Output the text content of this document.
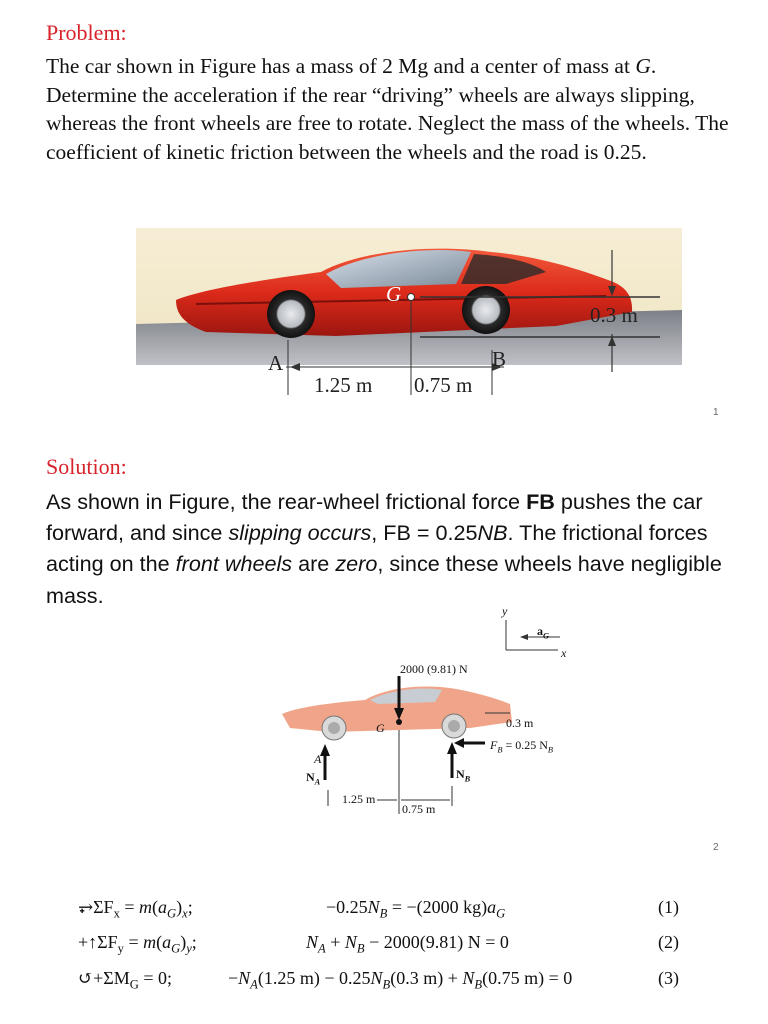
Problem:
The car shown in Figure has a mass of 2 Mg and a center of mass at G. Determine the acceleration if the rear “driving” wheels are always slipping, whereas the front wheels are free to rotate. Neglect the mass of the wheels. The coefficient of kinetic friction between the wheels and the road is 0.25.
G
A	B
0.3 m
1.25 m 0.75 m
1
Solution:
As shown in Figure, the rear-wheel frictional force FB pushes the car forward, and since slipping occurs, FB = 0.25NB. The frictional forces acting on the front wheels are zero, since these wheels have negligible mass.
y
x
$a_G$
2000 (9.81) N
G
A
$N_A$
$N_B$
0.3 m
$F_B = 0.25$ $N_B$
1.25 m
0.75 m
2
$⥅\Sigma F_x = m(a_G)_x$;	$-0.25N_B = -(2000$ $kg)a_G$	(1)
$+↑\Sigma F_y = m(a_G)_y$;	$N_A + N_B - 2000(9.81) N = 0$	(2)
$↺+\Sigma M_G = 0$;	$-N_A(1.25$ $m) - 0.25N_B(0.3$ $m) + N_B(0.75$ m) = 0	(3)
